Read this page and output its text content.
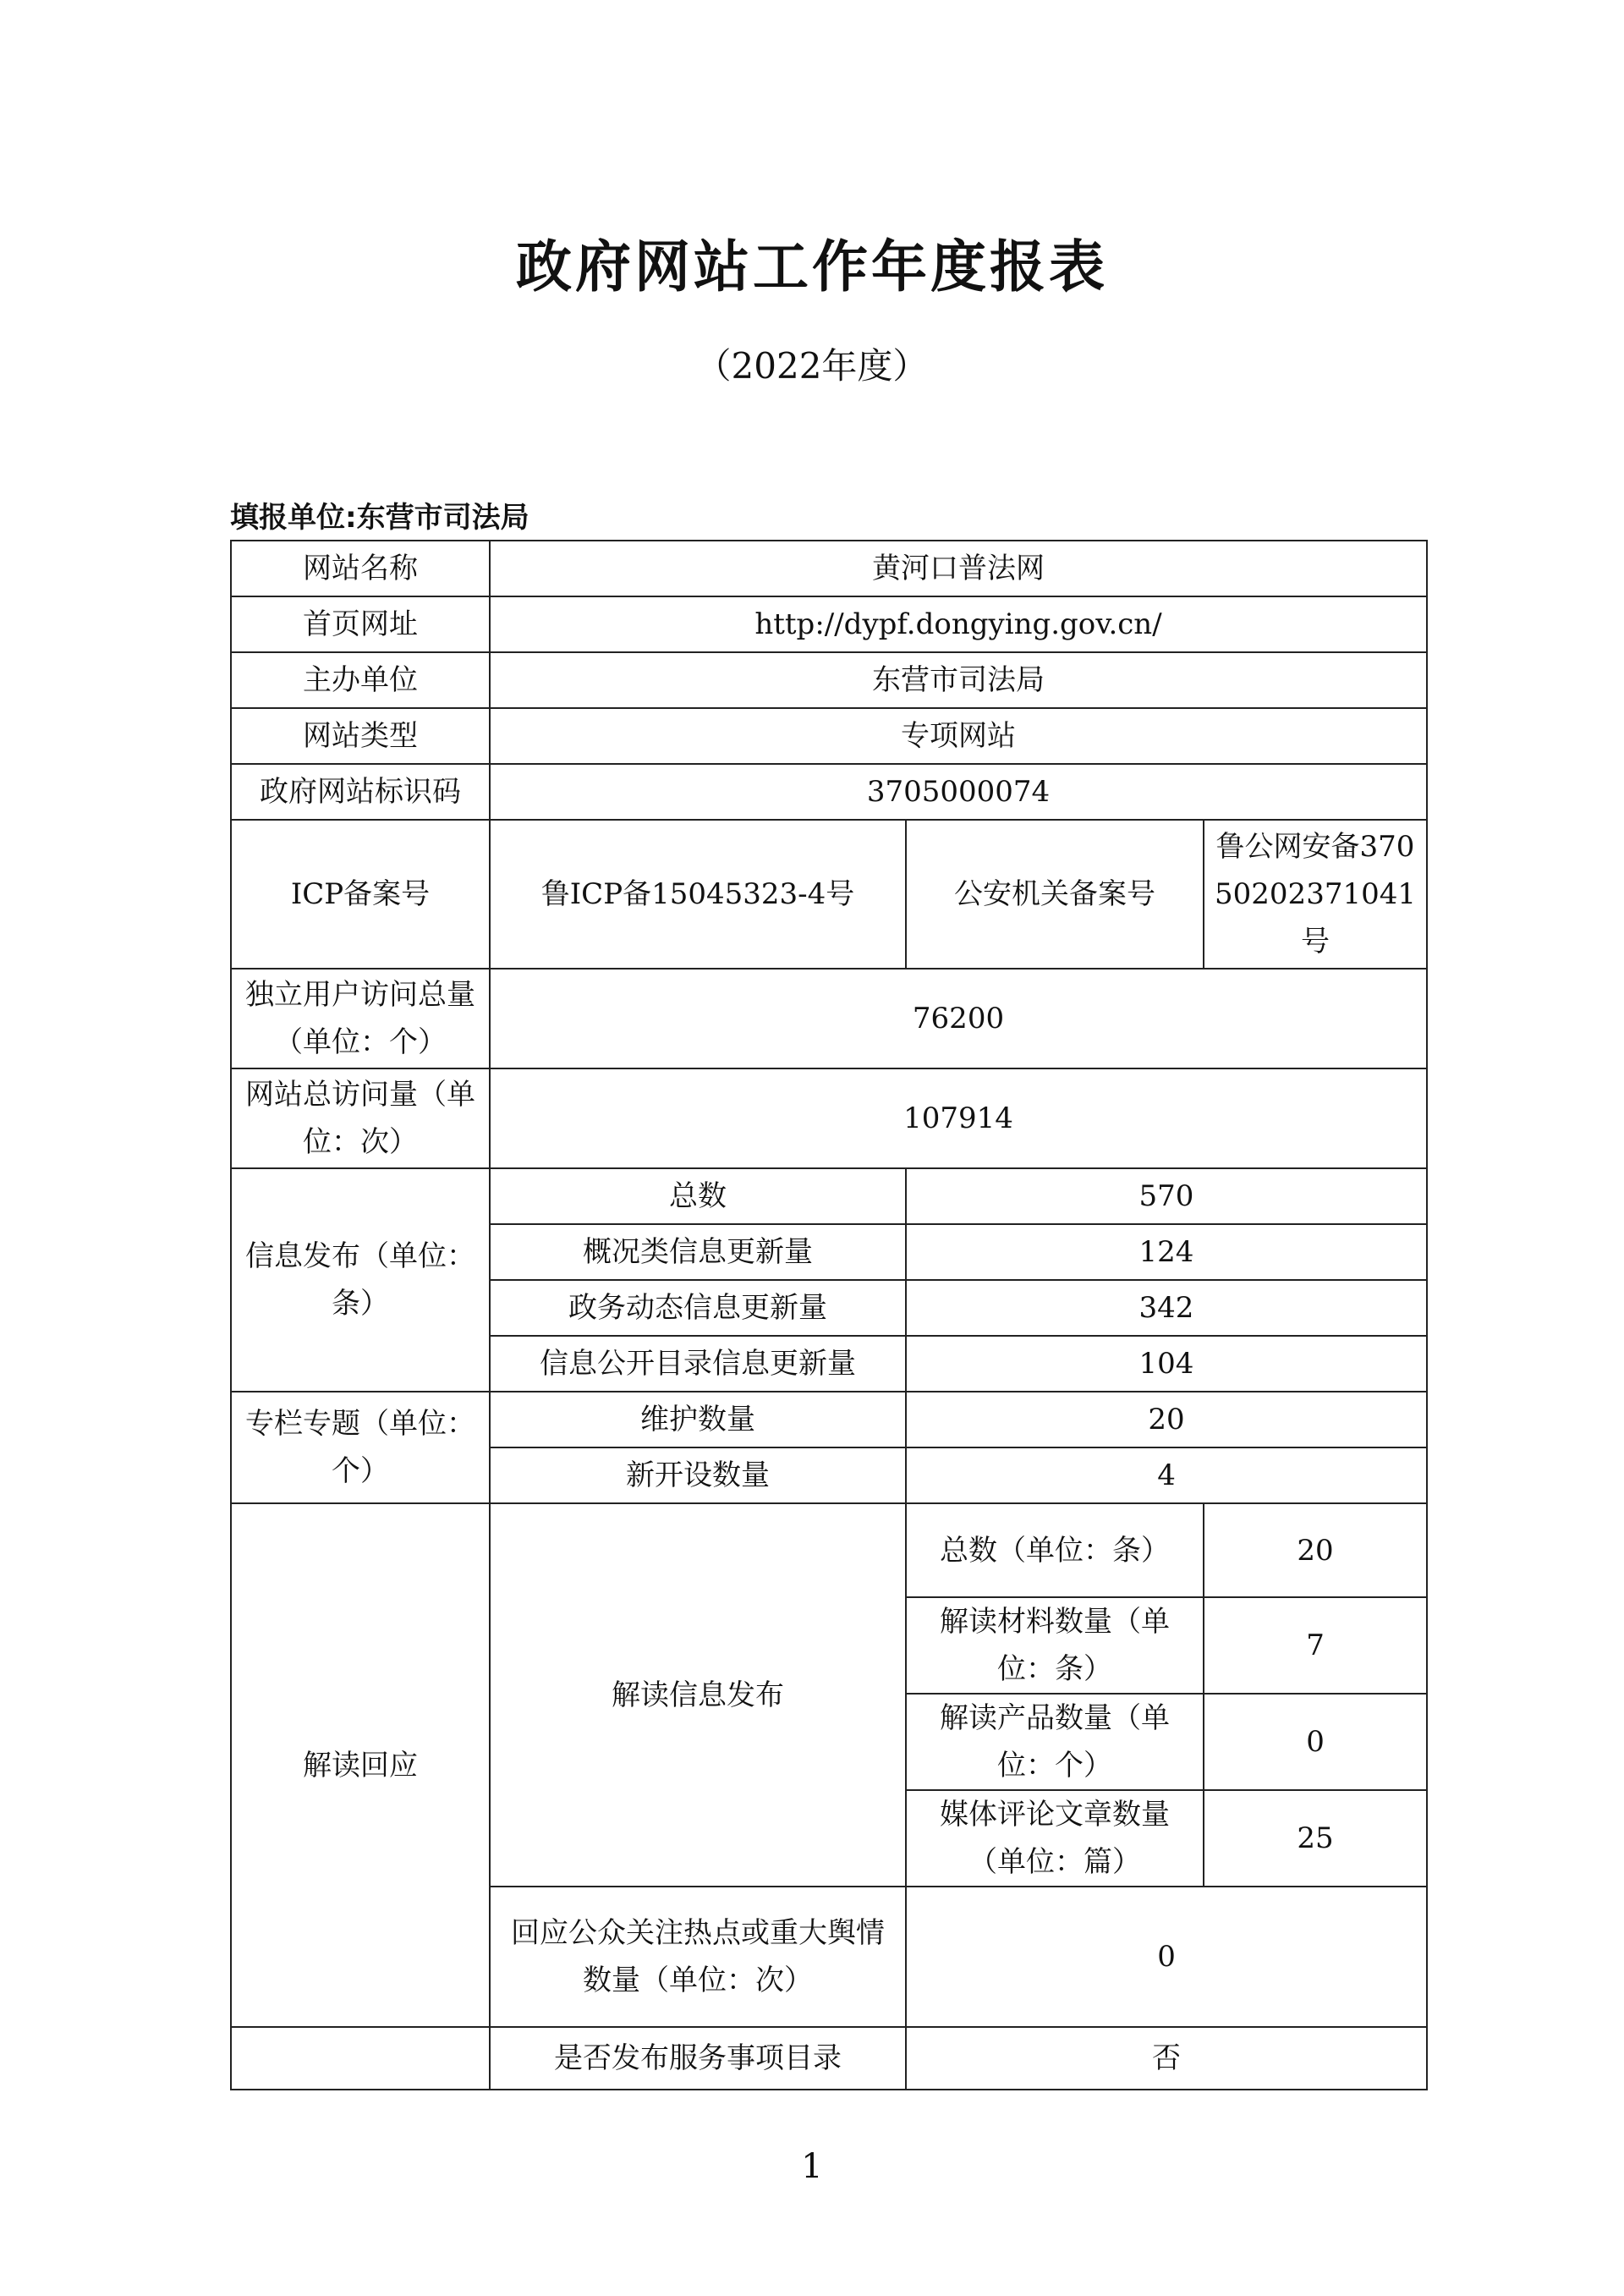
政府网站工作年度报表

（2022年度）

填报单位:东营市司法局

网站名称	黄河口普法网		
首页网址	http://dypf.dongying.gov.cn/		
主办单位	东营市司法局		
网站类型	专项网站		
政府网站标识码	3705000074		
ICP备案号	鲁ICP备15045323-4号	公安机关备案号	鲁公网安备37050202371041号
独立用户访问总量（单位：个）	76200		
网站总访问量（单位：次）	107914		
信息发布（单位：条）	总数	570	
	概况类信息更新量	124	
	政务动态信息更新量	342	
	信息公开目录信息更新量	104	
专栏专题（单位：个）	维护数量	20	
	新开设数量	4	
解读回应	解读信息发布	总数（单位：条）	20
		解读材料数量（单位：条）	7
		解读产品数量（单位：个）	0
		媒体评论文章数量（单位：篇）	25
	回应公众关注热点或重大舆情数量（单位：次）	0	
	是否发布服务事项目录	否	

1
